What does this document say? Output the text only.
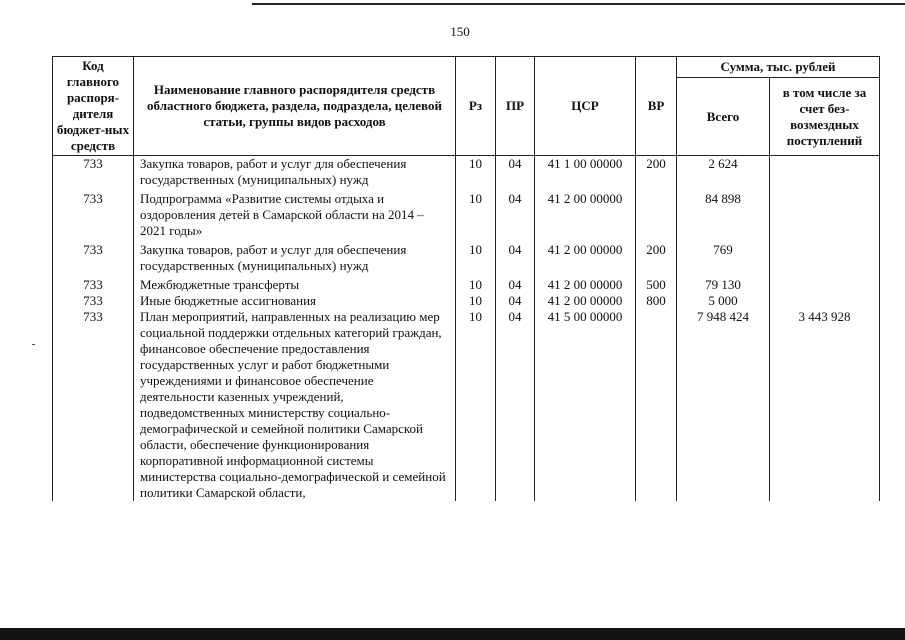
150
Код главного распоря-дителя бюджет-ных средств	Наименование главного распорядителя средств областного бюджета, раздела, подраздела, целевой статьи, группы видов расходов	Рз	ПР	ЦСР	ВР	Сумма, тыс. рублей	
						Всего	в том числе за счет без-возмездных поступлений
733	Закупка товаров, работ и услуг для обеспечения государственных (муниципальных) нужд	10	04	41 1 00 00000	200	2 624	
733	Подпрограмма «Развитие системы отдыха и оздоровления детей в Самарской области на 2014 – 2021 годы»	10	04	41 2 00 00000		84 898	
733	Закупка товаров, работ и услуг для обеспечения государственных (муниципальных) нужд	10	04	41 2 00 00000	200	769	
733	Межбюджетные трансферты	10	04	41 2 00 00000	500	79 130	
733	Иные бюджетные ассигнования	10	04	41 2 00 00000	800	5 000	
733	План мероприятий, направленных на реализацию мер социальной поддержки отдельных категорий граждан, финансовое обеспечение предоставления государственных услуг и работ бюджетными учреждениями и финансовое обеспечение деятельности казенных учреждений, подведомственных министерству социально-демографической и семейной политики Самарской области, обеспечение функционирования корпоративной информационной системы министерства социально-демографической и семейной политики Самарской области,	10	04	41 5 00 00000		7 948 424	3 443 928
